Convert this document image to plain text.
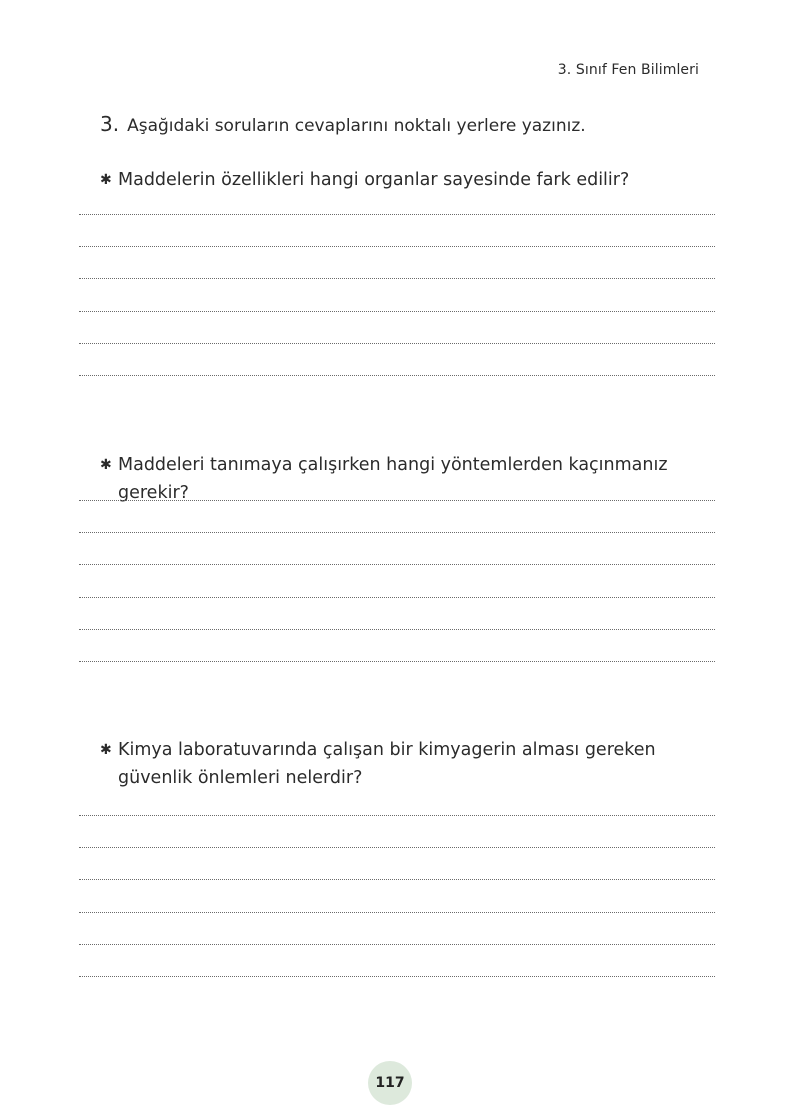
3. Sınıf Fen Bilimleri
3. Aşağıdaki soruların cevaplarını noktalı yerlere yazınız.
✱ Maddelerin özellikleri hangi organlar sayesinde fark edilir?
✱ Maddeleri tanımaya çalışırken hangi yöntemlerden kaçınmanız gerekir?
✱ Kimya laboratuvarında çalışan bir kimyagerin alması gereken güvenlik önlemleri nelerdir?
117
